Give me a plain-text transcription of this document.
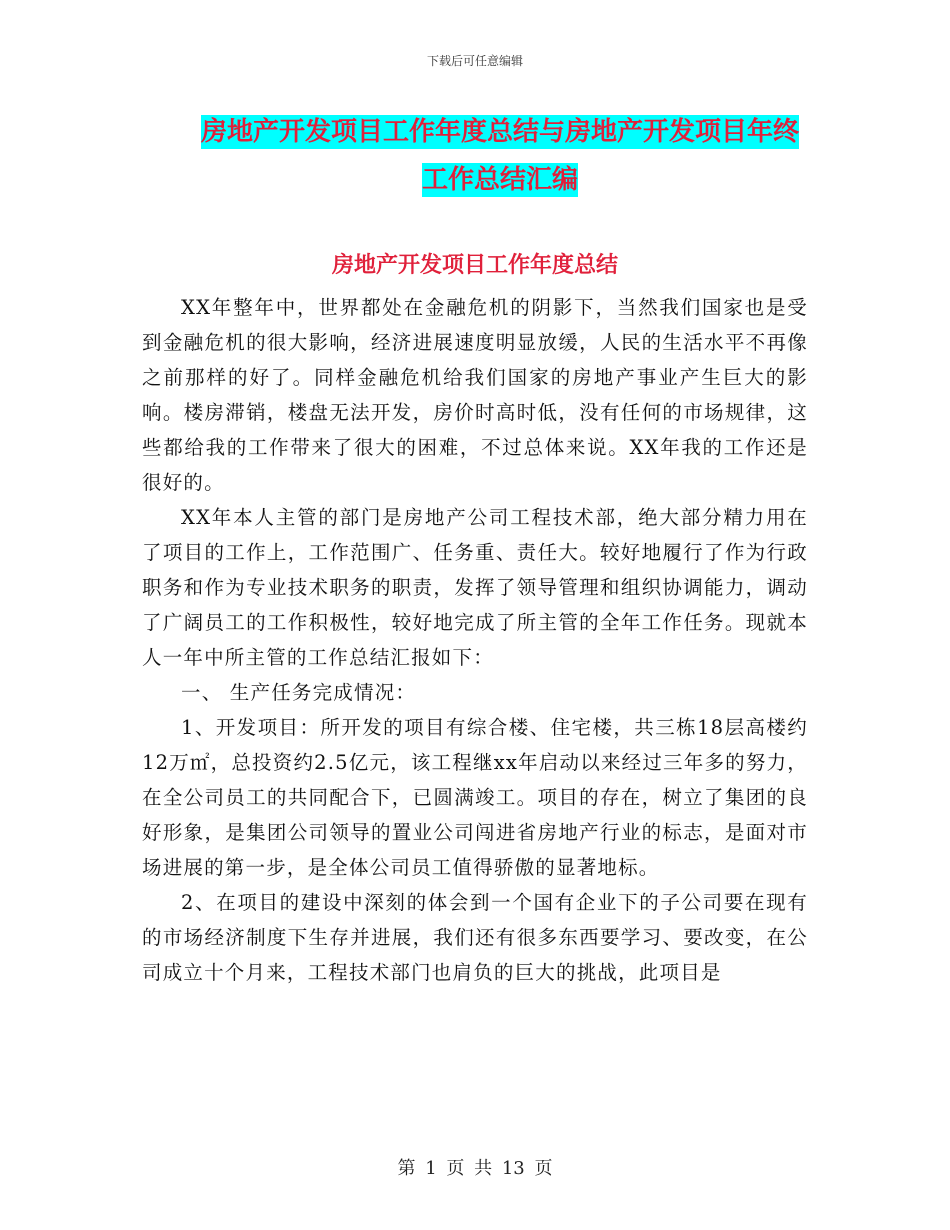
下载后可任意编辑
房地产开发项目工作年度总结与房地产开发项目年终
工作总结汇编
房地产开发项目工作年度总结

XX年整年中，世界都处在金融危机的阴影下，当然我们国家也是受到金融危机的很大影响，经济进展速度明显放缓，人民的生活水平不再像之前那样的好了。同样金融危机给我们国家的房地产事业产生巨大的影响。楼房滞销，楼盘无法开发，房价时高时低，没有任何的市场规律，这些都给我的工作带来了很大的困难，不过总体来说。XX年我的工作还是很好的。

XX年本人主管的部门是房地产公司工程技术部，绝大部分精力用在了项目的工作上，工作范围广、任务重、责任大。较好地履行了作为行政职务和作为专业技术职务的职责，发挥了领导管理和组织协调能力，调动了广阔员工的工作积极性，较好地完成了所主管的全年工作任务。现就本人一年中所主管的工作总结汇报如下：

一、 生产任务完成情况：

1、开发项目：所开发的项目有综合楼、住宅楼，共三栋18层高楼约12万㎡，总投资约2.5亿元，该工程继xx年启动以来经过三年多的努力，在全公司员工的共同配合下，已圆满竣工。项目的存在，树立了集团的良好形象，是集团公司领导的置业公司闯进省房地产行业的标志，是面对市场进展的第一步，是全体公司员工值得骄傲的显著地标。

2、在项目的建设中深刻的体会到一个国有企业下的子公司要在现有的市场经济制度下生存并进展，我们还有很多东西要学习、要改变，在公司成立十个月来，工程技术部门也肩负的巨大的挑战，此项目是

第 1 页 共 13 页
